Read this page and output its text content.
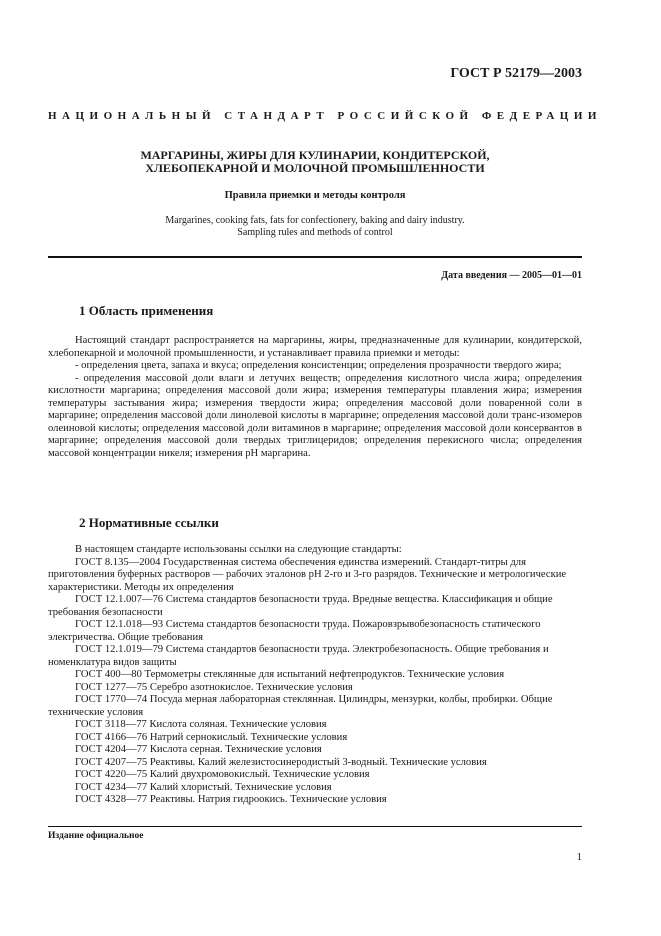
ГОСТ Р 52179—2003
НАЦИОНАЛЬНЫЙ СТАНДАРТ РОССИЙСКОЙ ФЕДЕРАЦИИ
МАРГАРИНЫ, ЖИРЫ ДЛЯ КУЛИНАРИИ, КОНДИТЕРСКОЙ,
ХЛЕБОПЕКАРНОЙ И МОЛОЧНОЙ ПРОМЫШЛЕННОСТИ
Правила приемки и методы контроля
Margarines, cooking fats, fats for confectionery, baking and dairy industry.
Sampling rules and methods of control
Дата введения — 2005—01—01
1 Область применения

Настоящий стандарт распространяется на маргарины, жиры, предназначенные для кулинарии, кондитерской, хлебопекарной и молочной промышленности, и устанавливает правила приемки и методы:

- определения цвета, запаха и вкуса; определения консистенции; определения прозрачности твердого жира;

- определения массовой доли влаги и летучих веществ; определения кислотного числа жира; определения кислотности маргарина; определения массовой доли жира; измерения температуры плавления жира; измерения температуры застывания жира; измерения твердости жира; определения массовой доли поваренной соли в маргарине; определения массовой доли линолевой кислоты в маргарине; определения массовой доли транс-изомеров олеиновой кислоты; определения массовой доли витаминов в маргарине; определения массовой доли консервантов в маргарине; определения массовой доли твердых триглицеридов; определения перекисного числа; определения массовой концентрации никеля; измерения pH маргарина.

2 Нормативные ссылки

В настоящем стандарте использованы ссылки на следующие стандарты:

ГОСТ 8.135—2004 Государственная система обеспечения единства измерений. Стандарт-титры для приготовления буферных растворов — рабочих эталонов pH 2-го и 3-го разрядов. Технические и метрологические характеристики. Методы их определения

ГОСТ 12.1.007—76 Система стандартов безопасности труда. Вредные вещества. Классификация и общие требования безопасности

ГОСТ 12.1.018—93 Система стандартов безопасности труда. Пожаровзрывобезопасность статического электричества. Общие требования

ГОСТ 12.1.019—79 Система стандартов безопасности труда. Электробезопасность. Общие требования и номенклатура видов защиты

ГОСТ 400—80 Термометры стеклянные для испытаний нефтепродуктов. Технические условия

ГОСТ 1277—75 Серебро азотнокислое. Технические условия

ГОСТ 1770—74 Посуда мерная лабораторная стеклянная. Цилиндры, мензурки, колбы, пробирки. Общие технические условия

ГОСТ 3118—77 Кислота соляная. Технические условия

ГОСТ 4166—76 Натрий сернокислый. Технические условия

ГОСТ 4204—77 Кислота серная. Технические условия

ГОСТ 4207—75 Реактивы. Калий железистосинеродистый 3-водный. Технические условия

ГОСТ 4220—75 Калий двухромовокислый. Технические условия

ГОСТ 4234—77 Калий хлористый. Технические условия

ГОСТ 4328—77 Реактивы. Натрия гидроокись. Технические условия

Издание официальное
1
